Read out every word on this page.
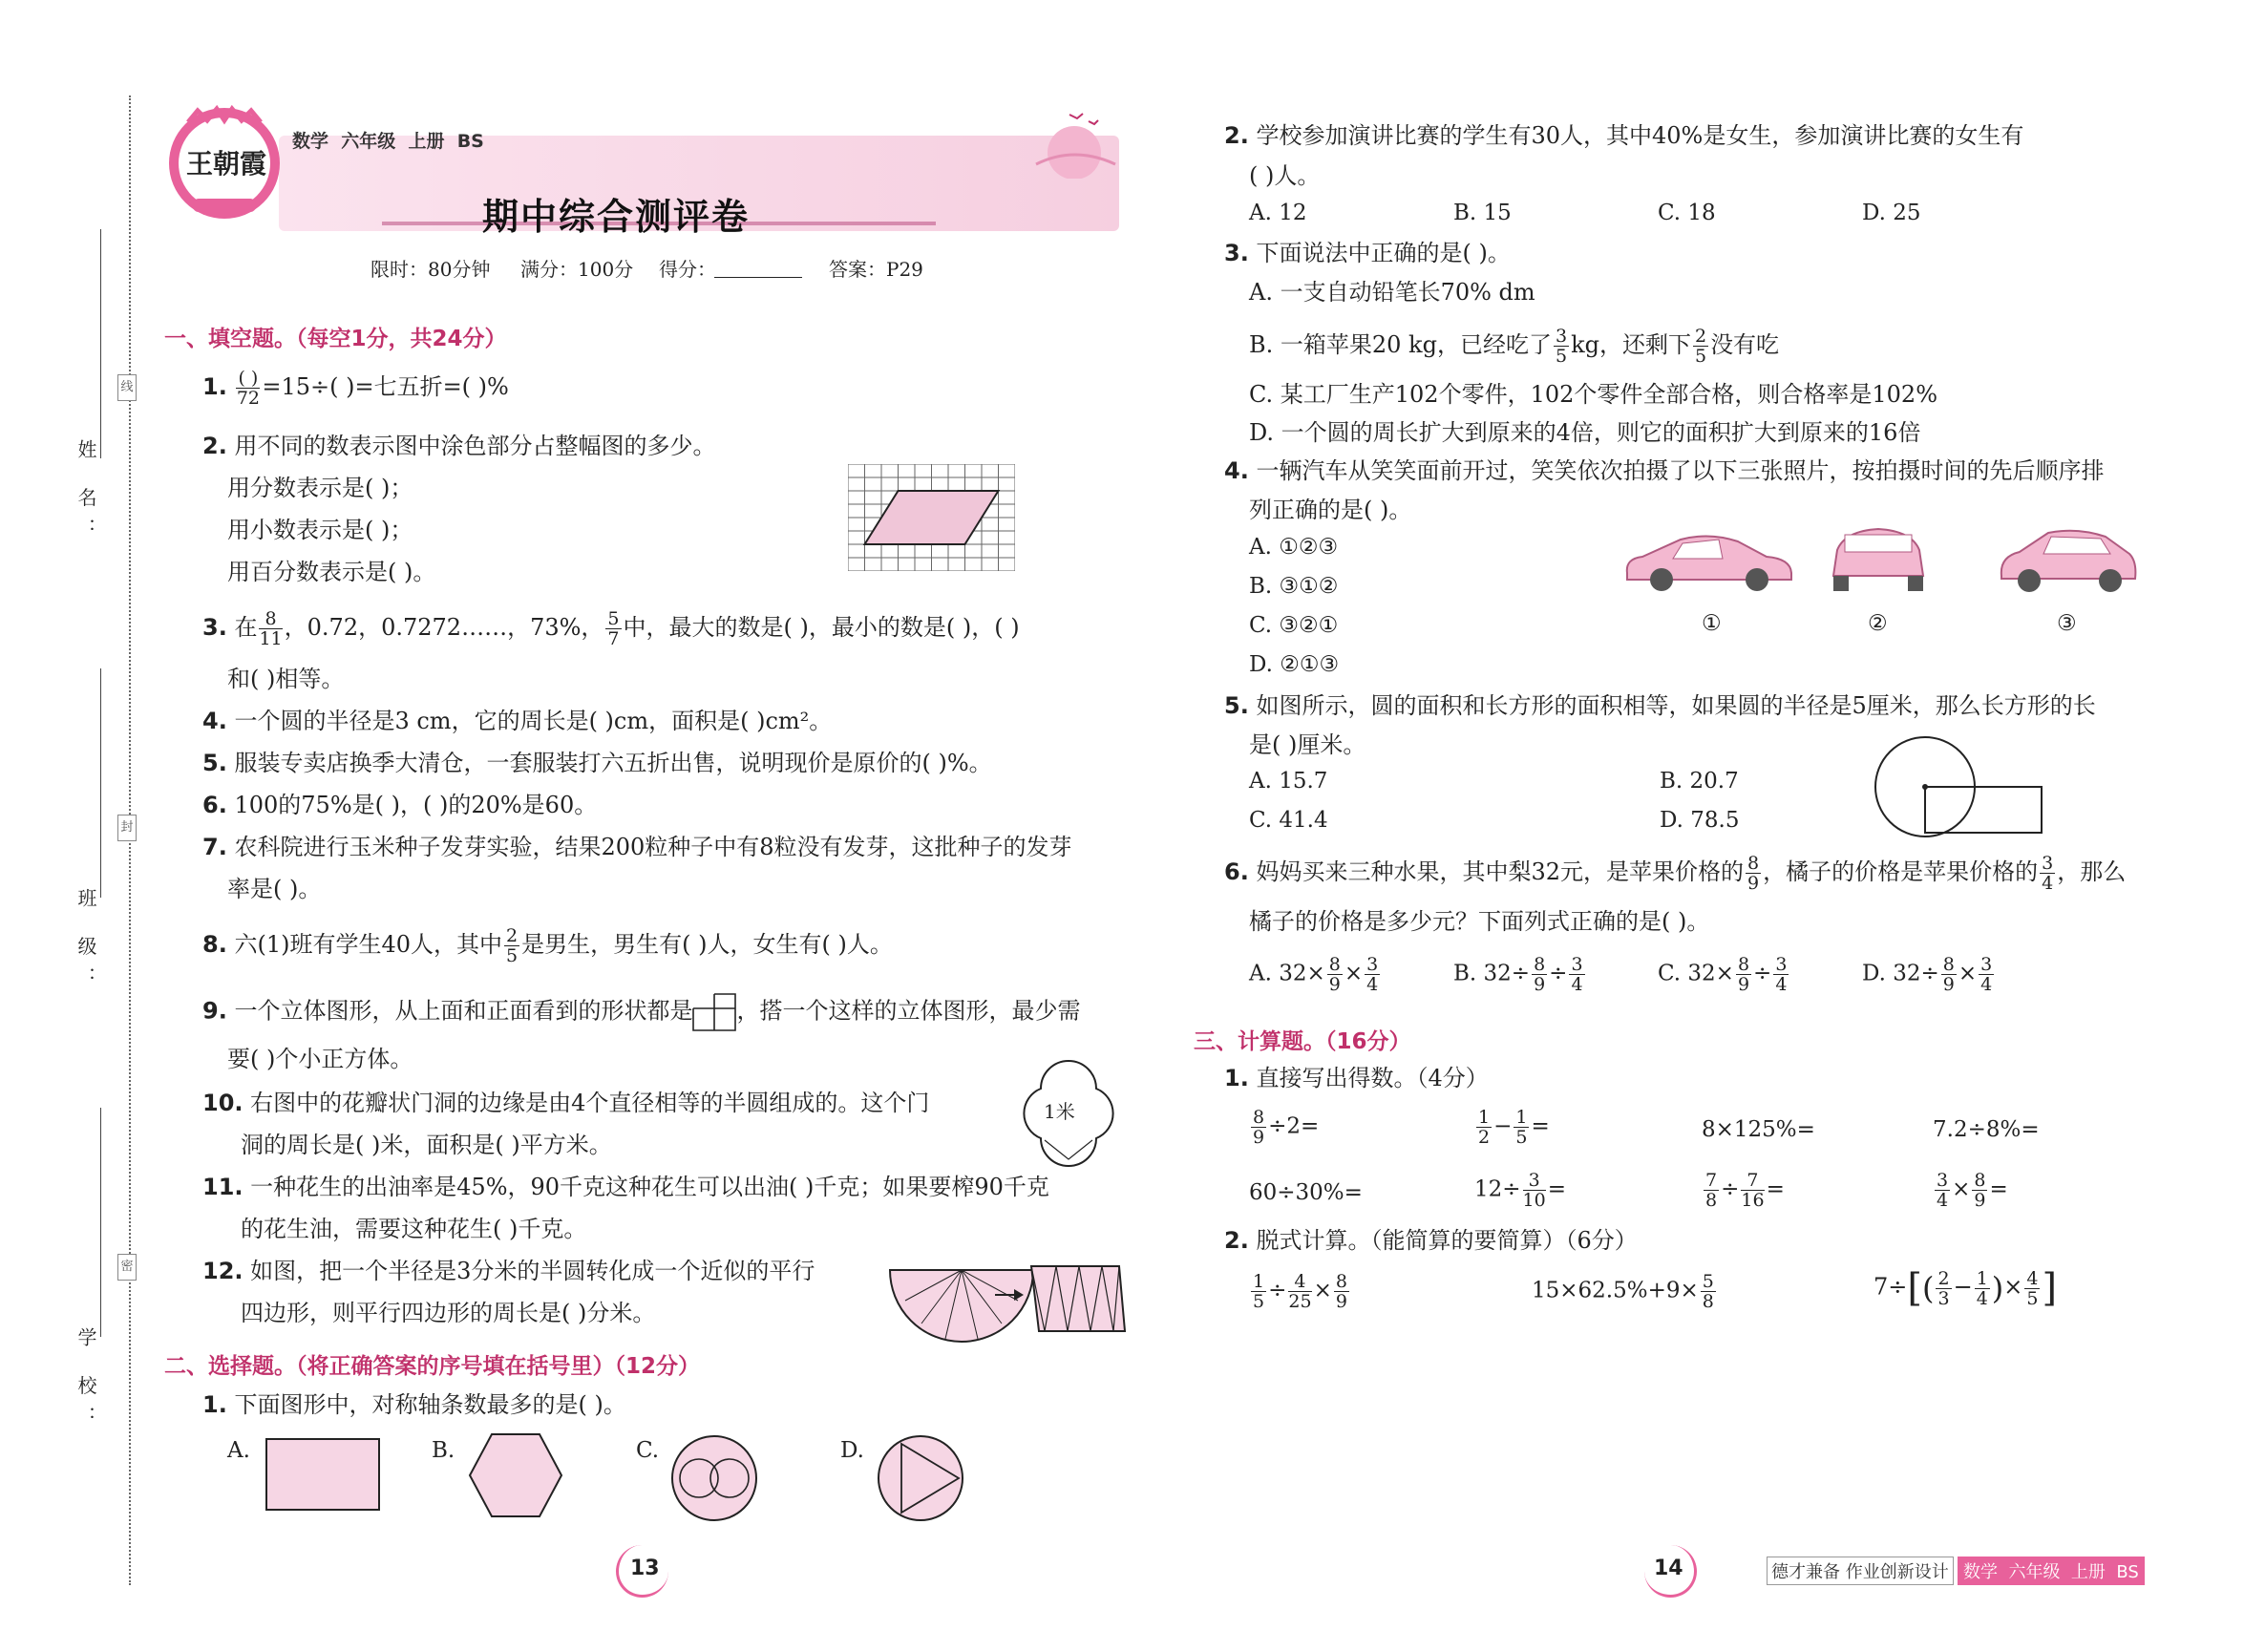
姓 名：
班 级：
学 校：
线
封
密
王朝霞
数学  六年级  上册  BS
期中综合测评卷
限时：80分钟 满分：100分 得分：	答案：P29
一、填空题。（每空1分，共24分）
1. $\frac{( )}{72} =15\div$( )=七五折=( )%
2. 用不同的数表示图中涂色部分占整幅图的多少。
用分数表示是( )；
用小数表示是( )；
用百分数表示是( )。
3. 在 $\frac{8}{11}$ ，0.72，0.7272……，73%， $\frac{5}{7}$ 中，最大的数是( )，最小的数是( )，( )
和( )相等。
4. 一个圆的半径是3 cm，它的周长是( )cm，面积是( )cm²。
5. 服装专卖店换季大清仓，一套服装打六五折出售，说明现价是原价的( )%。
6. 100的75%是( )，( )的20%是60。
7. 农科院进行玉米种子发芽实验，结果200粒种子中有8粒没有发芽，这批种子的发芽
率是( )。
8. 六(1)班有学生40人，其中 $\frac{2}{5}$ 是男生，男生有( )人，女生有( )人。
9. 一个立体图形，从上面和正面看到的形状都是 ，搭一个这样的立体图形，最少需
要( )个小正方体。
10. 右图中的花瓣状门洞的边缘是由4个直径相等的半圆组成的。这个门
洞的周长是( )米，面积是( )平方米。
1米
11. 一种花生的出油率是45%，90千克这种花生可以出油( )千克；如果要榨90千克
的花生油，需要这种花生( )千克。
12. 如图，把一个半径是3分米的半圆转化成一个近似的平行
四边形，则平行四边形的周长是( )分米。
二、选择题。（将正确答案的序号填在括号里）（12分）
1. 下面图形中，对称轴条数最多的是( )。
A.	B.	C.	D.
13
2. 学校参加演讲比赛的学生有30人，其中40%是女生，参加演讲比赛的女生有
( )人。
A. 12	B. 15	C. 18	D. 25
3. 下面说法中正确的是( )。
A. 一支自动铅笔长70% dm
B. 一箱苹果20 kg，已经吃了 $\frac{3}{5}$ kg，还剩下 $\frac{2}{5}$ 没有吃
C. 某工厂生产102个零件，102个零件全部合格，则合格率是102%
D. 一个圆的周长扩大到原来的4倍，则它的面积扩大到原来的16倍
4. 一辆汽车从笑笑面前开过，笑笑依次拍摄了以下三张照片，按拍摄时间的先后顺序排
列正确的是( )。
A. ①②③
B. ③①②
C. ③②①
D. ②①③
①	②	③
5. 如图所示，圆的面积和长方形的面积相等，如果圆的半径是5厘米，那么长方形的长
是( )厘米。
A. 15.7	B. 20.7
C. 41.4	D. 78.5
6. 妈妈买来三种水果，其中梨32元，是苹果价格的 $\frac{8}{9}$ ，橘子的价格是苹果价格的 $\frac{3}{4}$ ，那么
橘子的价格是多少元？下面列式正确的是( )。
A. $32\times \frac{8}{9} \times \frac{3}{4}$	B. $32\div \frac{8}{9} \div \frac{3}{4}$	C. $32\times \frac{8}{9} \div \frac{3}{4}$	D. $32\div \frac{8}{9} \times \frac{3}{4}$
三、计算题。（16分）
1. 直接写出得数。（4分）
$\frac{8}{9} \div 2=$	$\frac{1}{2} - \frac{1}{5}$ =	8×125%=	7.2÷8%=
60÷30%=	$12\div \frac{3}{10}$ =	$\frac{7}{8} \div \frac{7}{16}$ =	$\frac{3}{4} \times \frac{8}{9}$ =
2. 脱式计算。（能简算的要简算）（6分）
$\frac{1}{5} \div \frac{4}{25} \times \frac{8}{9}$	$15\times 62.5\%+9\times \frac{5}{8}$	$7\div[( \frac{2}{3} - \frac{1}{4}$ )× $\frac{4}{5}$ ]
14	德才兼备 作业创新设计 数学  六年级  上册  BS
